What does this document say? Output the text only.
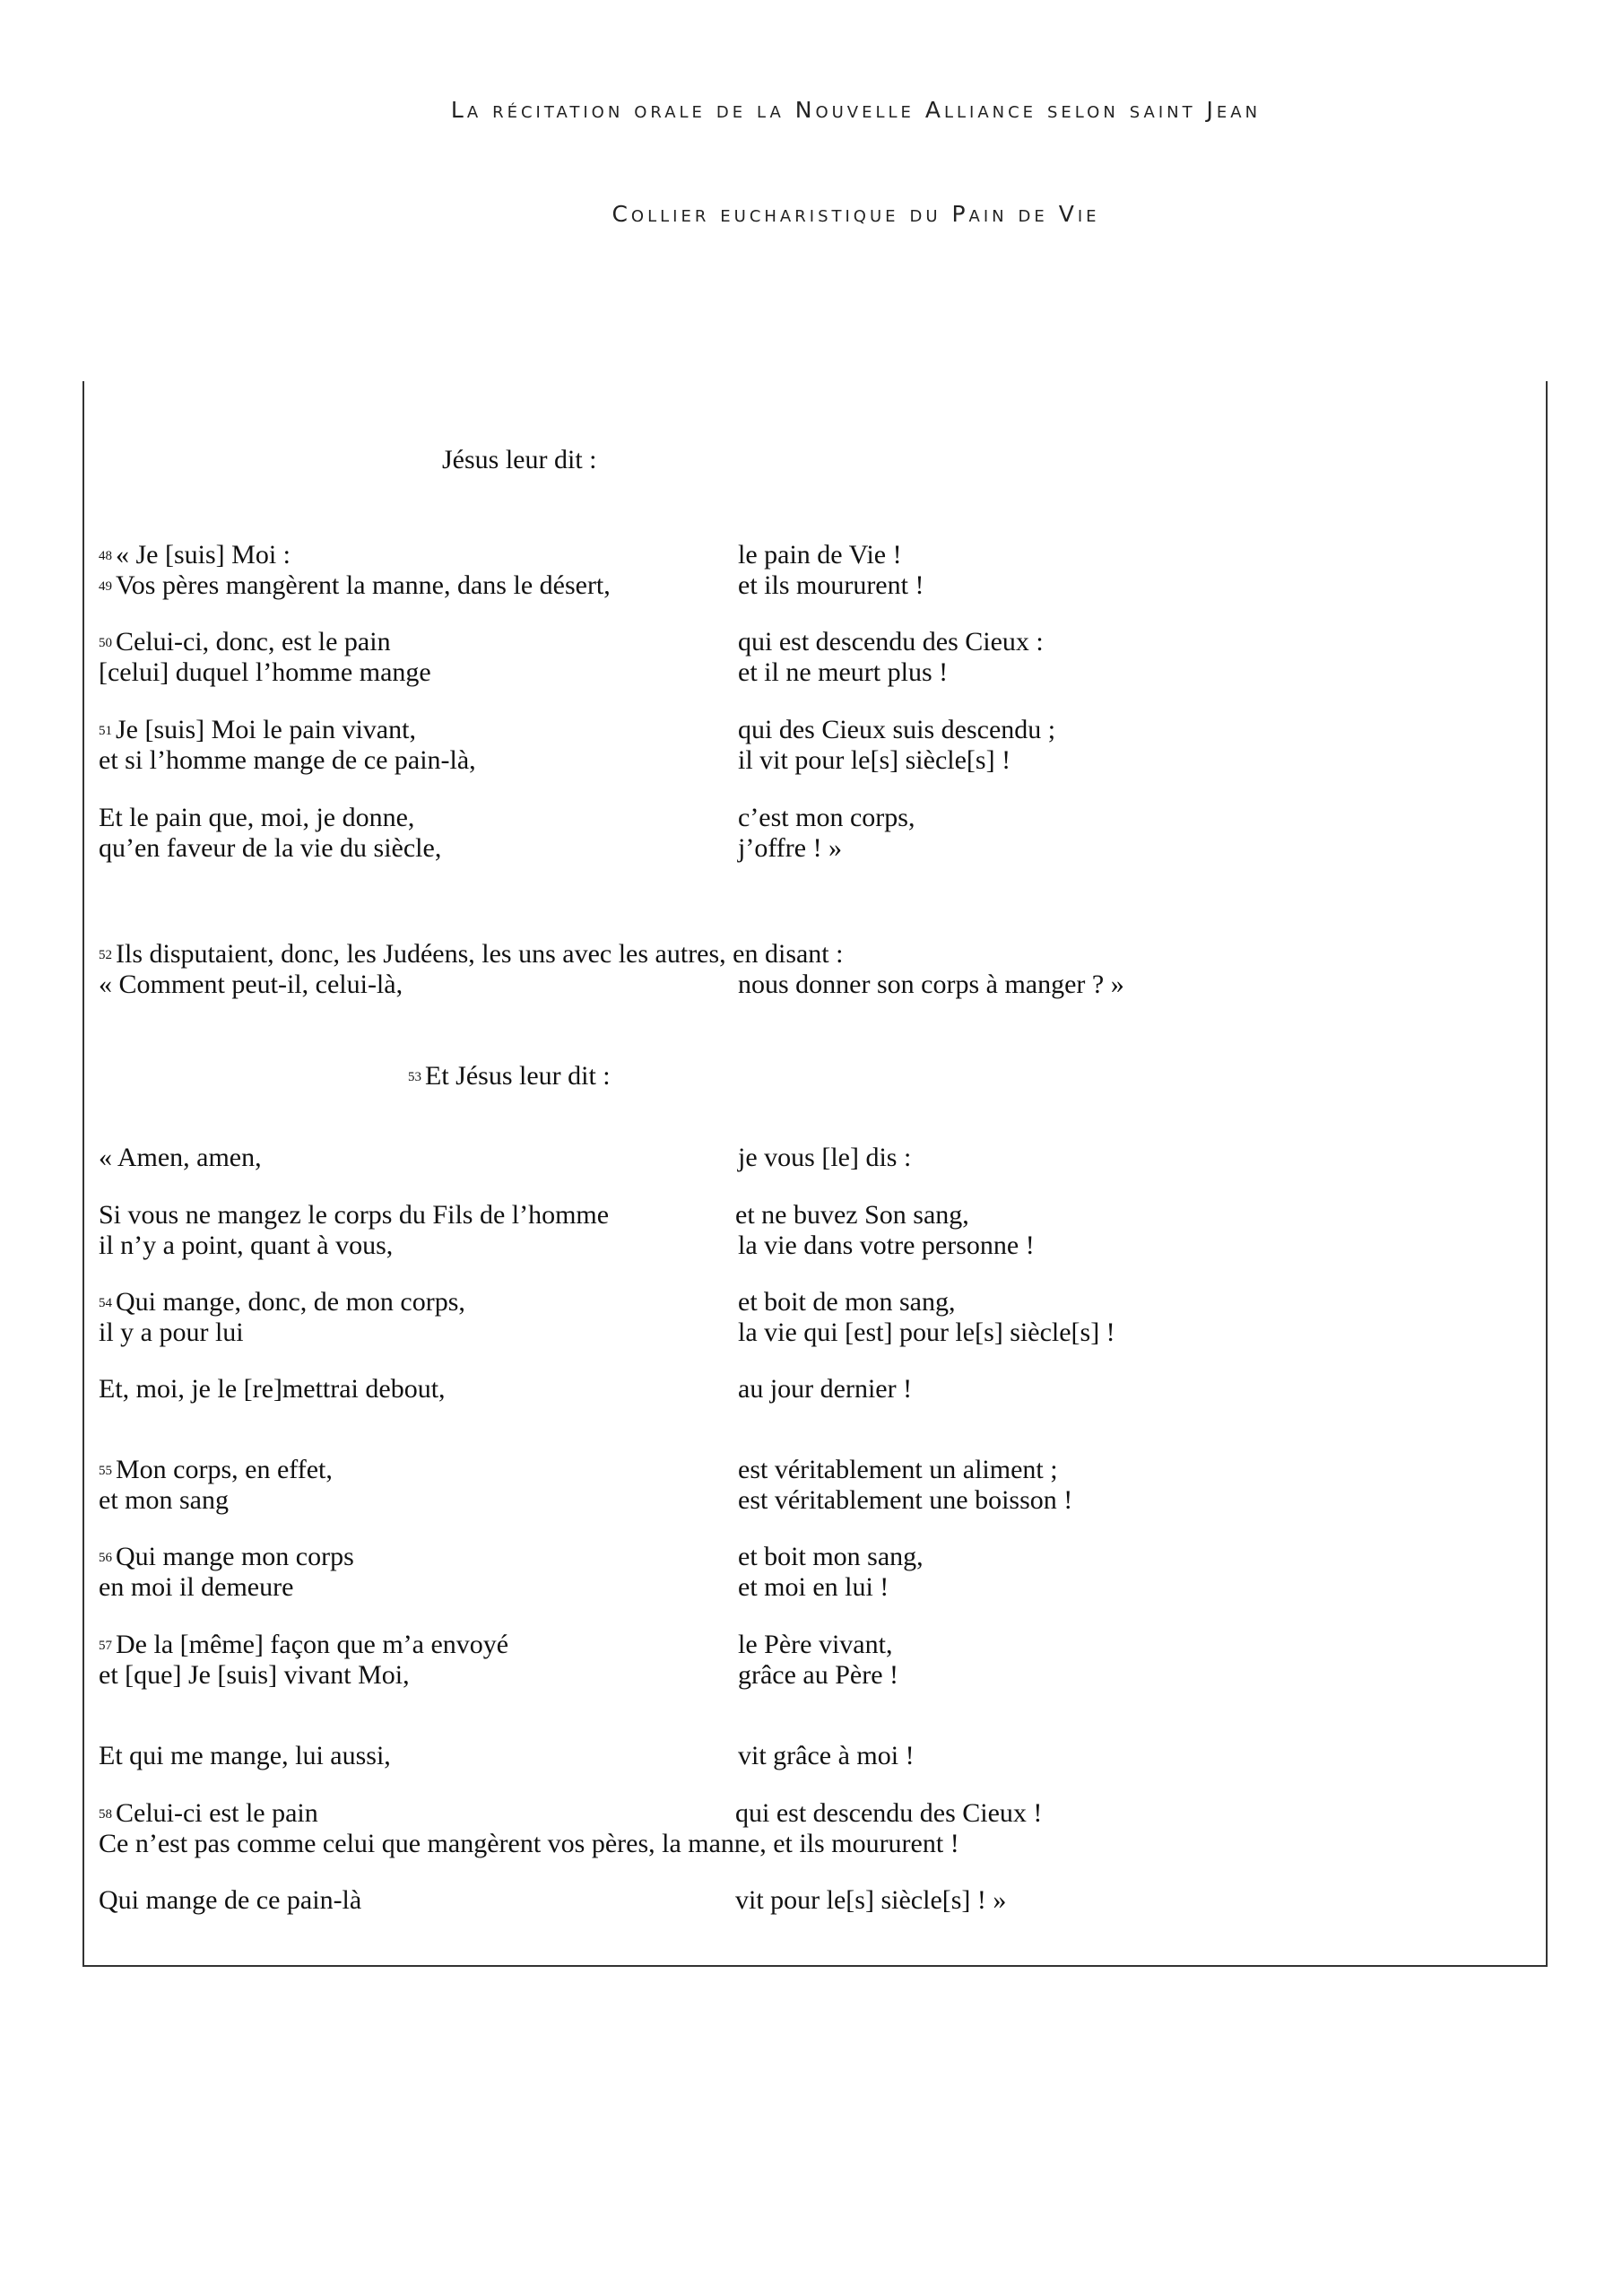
La récitation orale de la Nouvelle Alliance selon saint Jean
Collier eucharistique du Pain de Vie
Jésus leur dit :
48 « Je [suis] Moi :	le pain de Vie !
49 Vos pères mangèrent la manne, dans le désert,	et ils moururent !
50 Celui-ci, donc, est le pain	qui est descendu des Cieux :
[celui] duquel l’homme mange	et il ne meurt plus !
51 Je [suis] Moi le pain vivant,	qui des Cieux suis descendu ;
et si l’homme mange de ce pain-là,	il vit pour le[s] siècle[s] !
Et le pain que, moi, je donne,	c’est mon corps,
qu’en faveur de la vie du siècle,	j’offre ! »
52 Ils disputaient, donc, les Judéens, les uns avec les autres, en disant :
« Comment peut-il, celui-là,	nous donner son corps à manger ? »
53 Et Jésus leur dit :
« Amen, amen,	je vous [le] dis :
Si vous ne mangez le corps du Fils de l’homme	et ne buvez Son sang,
il n’y a point, quant à vous,	la vie dans votre personne !
54 Qui mange, donc, de mon corps,	et boit de mon sang,
il y a pour lui	la vie qui [est] pour le[s] siècle[s] !
Et, moi, je le [re]mettrai debout,	au jour dernier !
55 Mon corps, en effet,	est véritablement un aliment ;
et mon sang	est véritablement une boisson !
56 Qui mange mon corps	et boit mon sang,
en moi il demeure	et moi en lui !
57 De la [même] façon que m’a envoyé	le Père vivant,
et [que] Je [suis] vivant Moi,	grâce au Père !
Et qui me mange, lui aussi,	vit grâce à moi !
58 Celui-ci est le pain	qui est descendu des Cieux !
Ce n’est pas comme celui que mangèrent vos pères, la manne, et ils moururent !
Qui mange de ce pain-là	vit pour le[s] siècle[s] ! »
